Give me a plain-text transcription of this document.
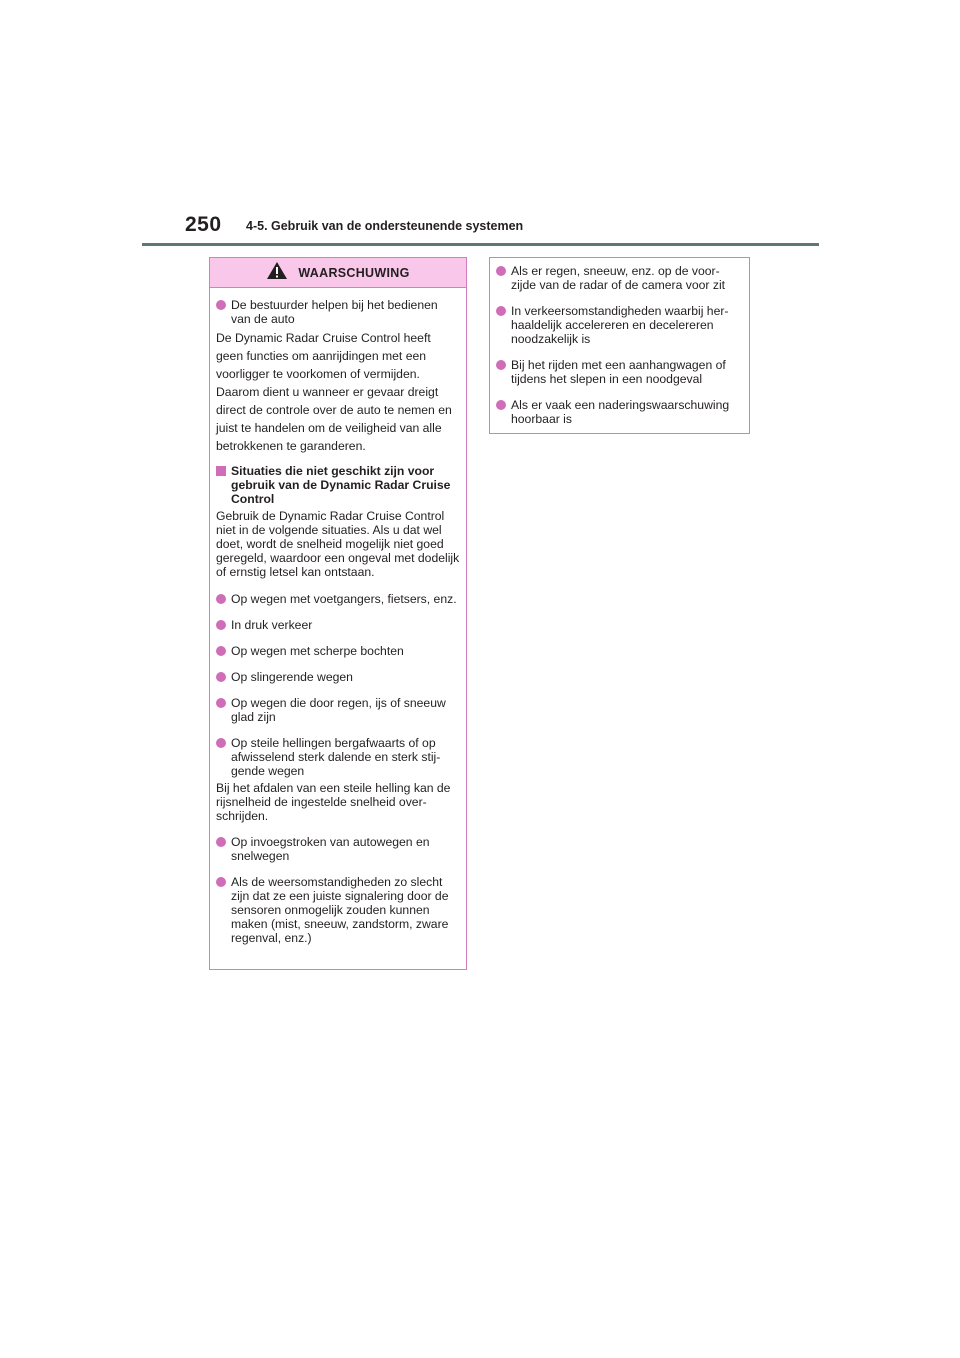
250 4-5. Gebruik van de ondersteunende systemen
WAARSCHUWING
De bestuurder helpen bij het bedienen van de auto
De Dynamic Radar Cruise Control heeft geen functies om aanrijdingen met een voorligger te voorkomen of vermijden. Daarom dient u wanneer er gevaar dreigt direct de controle over de auto te nemen en juist te handelen om de veiligheid van alle betrokkenen te garanderen.
Situaties die niet geschikt zijn voor gebruik van de Dynamic Radar Cruise Control
Gebruik de Dynamic Radar Cruise Control niet in de volgende situaties. Als u dat wel doet, wordt de snelheid mogelijk niet goed geregeld, waardoor een ongeval met dodelijk of ernstig letsel kan ontstaan.
Op wegen met voetgangers, fietsers, enz.
In druk verkeer
Op wegen met scherpe bochten
Op slingerende wegen
Op wegen die door regen, ijs of sneeuw glad zijn
Op steile hellingen bergafwaarts of op afwisselend sterk dalende en sterk stij-gende wegen
Bij het afdalen van een steile helling kan de rijsnelheid de ingestelde snelheid over-schrijden.
Op invoegstroken van autowegen en snelwegen
Als de weersomstandigheden zo slecht zijn dat ze een juiste signalering door de sensoren onmogelijk zouden kunnen maken (mist, sneeuw, zandstorm, zware regenval, enz.)
Als er regen, sneeuw, enz. op de voor-zijde van de radar of de camera voor zit
In verkeersomstandigheden waarbij her-haaldelijk accelereren en decelereren noodzakelijk is
Bij het rijden met een aanhangwagen of tijdens het slepen in een noodgeval
Als er vaak een naderingswaarschuwing hoorbaar is
